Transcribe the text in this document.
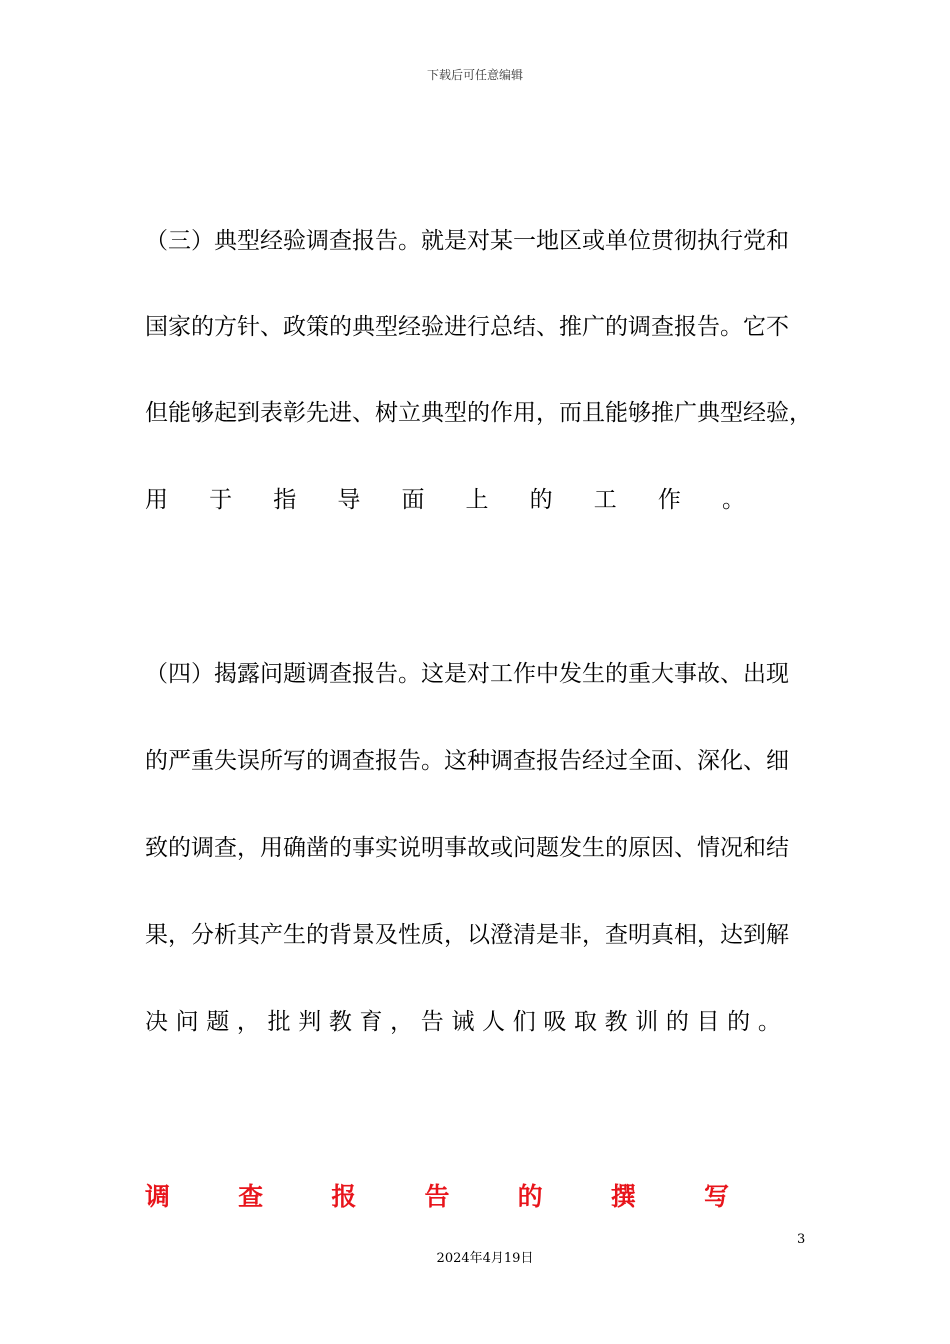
下载后可任意编辑
（三）典型经验调查报告。就是对某一地区或单位贯彻执行党和
国家的方针、政策的典型经验进行总结、推广的调查报告。它不
但能够起到表彰先进、树立典型的作用，而且能够推广典型经验，
用 于 指 导 面 上 的 工 作 。
（四）揭露问题调查报告。这是对工作中发生的重大事故、出现
的严重失误所写的调查报告。这种调查报告经过全面、深化、细
致的调查，用确凿的事实说明事故或问题发生的原因、情况和结
果，分析其产生的背景及性质，以澄清是非，查明真相，达到解
决 问 题 ， 批 判 教 育 ， 告 诫 人 们 吸 取 教 训 的 目 的 。
调	查	报	告	的	撰	写
3
2024年4月19日
